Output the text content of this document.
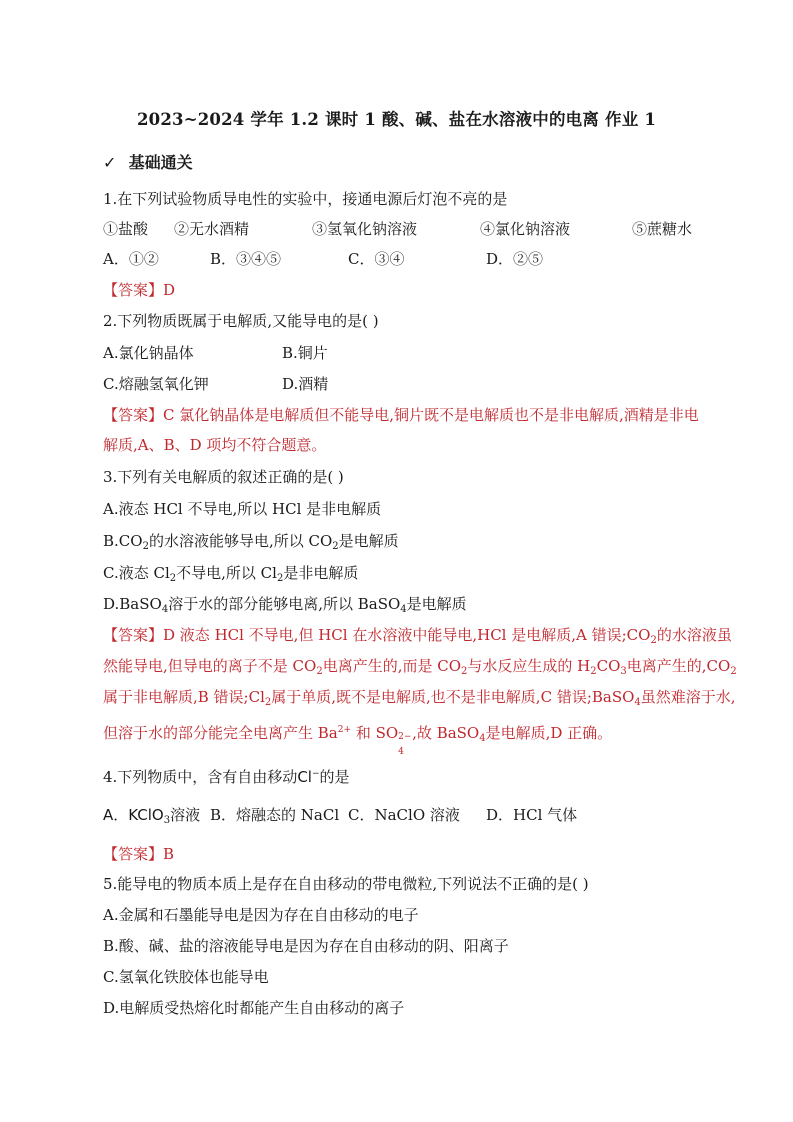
2023~2024 学年 1.2 课时 1 酸、碱、盐在水溶液中的电离 作业 1
✓ 基础通关
1.在下列试验物质导电性的实验中，接通电源后灯泡不亮的是
①盐酸 ②无水酒精	③氢氧化钠溶液	④氯化钠溶液	⑤蔗糖水
A．①②	B．③④⑤	C．③④	D．②⑤
【答案】D
2.下列物质既属于电解质,又能导电的是( )
A.氯化钠晶体	B.铜片
C.熔融氢氧化钾	D.酒精
【答案】C 氯化钠晶体是电解质但不能导电,铜片既不是电解质也不是非电解质,酒精是非电
解质,A、B、D 项均不符合题意。
3.下列有关电解质的叙述正确的是( )
A.液态 HCl 不导电,所以 HCl 是非电解质
$B.CO_2$的水溶液能够导电,所以 $CO_2$是电解质
C.液态 $Cl_2$不导电,所以 $Cl_2$是非电解质
D.BaSO$_4$溶于水的部分能够电离,所以 BaSO$_4$是电解质
【答案】D 液态 HCl 不导电,但 HCl 在水溶液中能导电,HCl 是电解质,A 错误$;CO_2$的水溶液虽
然能导电,但导电的离子不是 $CO_2$电离产生的,而是 $CO_2$与水反应生成的 $H_2CO_3$电离产生的$,CO_2$
属于非电解质,B 错误$;Cl_2$属于单质,既不是电解质,也不是非电解质,C 错误;BaSO$_4$虽然难溶于水,
但溶于水的部分能完全电离产生 $Ba^{2+}$ 和 SO 2−
4
,故 BaSO$_4$是电解质,D 正确。
4.下列物质中，含有自由移动Cl−的是
A．KClO$_3$溶液 B．熔融态的 NaCl C．NaClO 溶液 D．HCl 气体
【答案】B
5.能导电的物质本质上是存在自由移动的带电微粒,下列说法不正确的是( )
A.金属和石墨能导电是因为存在自由移动的电子
B.酸、碱、盐的溶液能导电是因为存在自由移动的阴、阳离子
C.氢氧化铁胶体也能导电
D.电解质受热熔化时都能产生自由移动的离子
